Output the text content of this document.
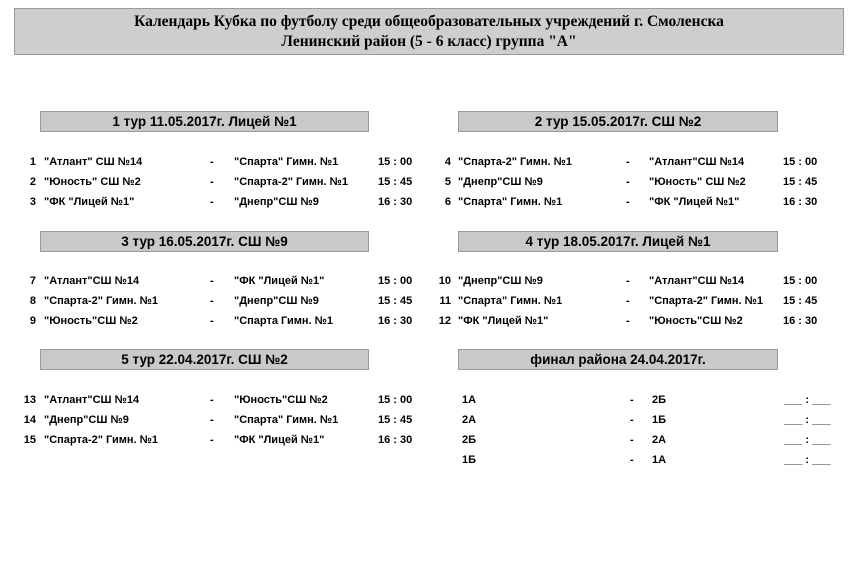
Календарь Кубка по футболу среди общеобразовательных учреждений г. Смоленска
Ленинский район (5 - 6 класс) группа "А"
1 тур 11.05.2017г. Лицей №1
1 "Атлант" СШ №14	- "Спарта" Гимн. №1	15 : 00
2 "Юность" СШ №2	- "Спарта-2" Гимн. №1	15 : 45
3 "ФК "Лицей №1"	- "Днепр"СШ №9	16 : 30
2 тур 15.05.2017г. СШ №2
4 "Спарта-2" Гимн. №1	- "Атлант"СШ №14	15 : 00
5 "Днепр"СШ №9	- "Юность" СШ №2	15 : 45
6 "Спарта" Гимн. №1	- "ФК "Лицей №1"	16 : 30
3 тур 16.05.2017г. СШ №9
7 "Атлант"СШ №14	- "ФК "Лицей №1"	15 : 00
8 "Спарта-2" Гимн. №1	- "Днепр"СШ №9	15 : 45
9 "Юность"СШ №2	- "Спарта Гимн. №1	16 : 30
4 тур 18.05.2017г. Лицей №1
10 "Днепр"СШ №9	- "Атлант"СШ №14	15 : 00
11 "Спарта" Гимн. №1	- "Спарта-2" Гимн. №1 15 : 45
12 "ФК "Лицей №1"	- "Юность"СШ №2	16 : 30
5 тур 22.04.2017г. СШ №2
13 "Атлант"СШ №14	- "Юность"СШ №2	15 : 00
14 "Днепр"СШ №9	- "Спарта" Гимн. №1	15 : 45
15 "Спарта-2" Гимн. №1	- "ФК "Лицей №1"	16 : 30
финал района 24.04.2017г.
1А	- 2Б	___ : ___
2А	- 1Б	___ : ___
2Б	- 2А	___ : ___
1Б	- 1А	___ : ___
